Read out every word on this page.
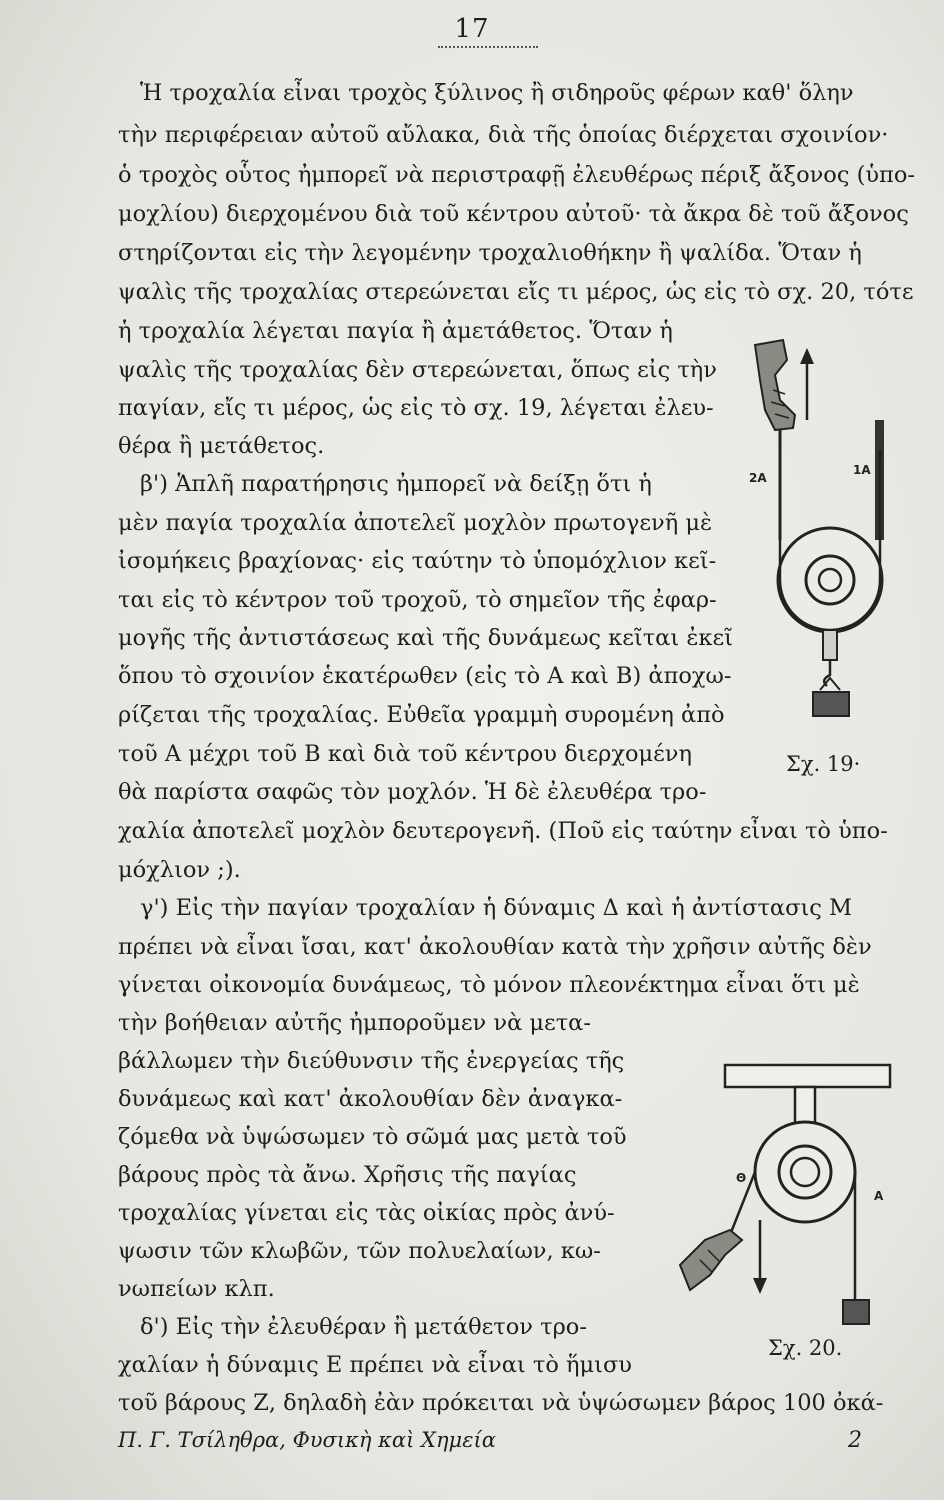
17
Ἡ τροχαλία εἶναι τροχὸς ξύλινος ἢ σιδηροῦς φέρων καθ' ὅλην
τὴν περιφέρειαν αὐτοῦ αὔλακα, διὰ τῆς ὁποίας διέρχεται σχοινίον·
ὁ τροχὸς οὗτος ἠμπορεῖ νὰ περιστραφῇ ἐλευθέρως πέριξ ἄξονος (ὑπο-
μοχλίου) διερχομένου διὰ τοῦ κέντρου αὐτοῦ· τὰ ἄκρα δὲ τοῦ ἄξονος
στηρίζονται εἰς τὴν λεγομένην τροχαλιοθήκην ἢ ψαλίδα. Ὅταν ἡ
ψαλὶς τῆς τροχαλίας στερεώνεται εἴς τι μέρος, ὡς εἰς τὸ σχ. 20, τότε
ἡ τροχαλία λέγεται παγία ἢ ἀμετάθετος. Ὅταν ἡ
ψαλὶς τῆς τροχαλίας δὲν στερεώνεται, ὅπως εἰς τὴν
παγίαν, εἴς τι μέρος, ὡς εἰς τὸ σχ. 19, λέγεται ἐλευ-
θέρα ἢ μετάθετος.
β') Ἁπλῆ παρατήρησις ἠμπορεῖ νὰ δείξῃ ὅτι ἡ
μὲν παγία τροχαλία ἀποτελεῖ μοχλὸν πρωτογενῆ μὲ
ἰσομήκεις βραχίονας· εἰς ταύτην τὸ ὑπομόχλιον κεῖ-
ται εἰς τὸ κέντρον τοῦ τροχοῦ, τὸ σημεῖον τῆς ἐφαρ-
μογῆς τῆς ἀντιστάσεως καὶ τῆς δυνάμεως κεῖται ἐκεῖ
ὅπου τὸ σχοινίον ἑκατέρωθεν (εἰς τὸ Α καὶ Β) ἀποχω-
ρίζεται τῆς τροχαλίας. Εὐθεῖα γραμμὴ συρομένη ἀπὸ
τοῦ Α μέχρι τοῦ Β καὶ διὰ τοῦ κέντρου διερχομένη
θὰ παρίστα σαφῶς τὸν μοχλόν. Ἡ δὲ ἐλευθέρα τρο-
χαλία ἀποτελεῖ μοχλὸν δευτερογενῆ. (Ποῦ εἰς ταύτην εἶναι τὸ ὑπο-
μόχλιον ;).
γ') Εἰς τὴν παγίαν τροχαλίαν ἡ δύναμις Δ καὶ ἡ ἀντίστασις Μ
πρέπει νὰ εἶναι ἴσαι, κατ' ἀκολουθίαν κατὰ τὴν χρῆσιν αὐτῆς δὲν
γίνεται οἰκονομία δυνάμεως, τὸ μόνον πλεονέκτημα εἶναι ὅτι μὲ
τὴν βοήθειαν αὐτῆς ἠμποροῦμεν νὰ μετα-
βάλλωμεν τὴν διεύθυνσιν τῆς ἐνεργείας τῆς
δυνάμεως καὶ κατ' ἀκολουθίαν δὲν ἀναγκα-
ζόμεθα νὰ ὑψώσωμεν τὸ σῶμά μας μετὰ τοῦ
βάρους πρὸς τὰ ἄνω. Χρῆσις τῆς παγίας
τροχαλίας γίνεται εἰς τὰς οἰκίας πρὸς ἀνύ-
ψωσιν τῶν κλωβῶν, τῶν πολυελαίων, κω-
νωπείων κλπ.
δ') Εἰς τὴν ἐλευθέραν ἢ μετάθετον τρο-
χαλίαν ἡ δύναμις Ε πρέπει νὰ εἶναι τὸ ἥμισυ
τοῦ βάρους Ζ, δηλαδὴ ἐὰν πρόκειται νὰ ὑψώσωμεν βάρος 100 ὀκά-
2A
1A
Σχ. 19·
Θ
A
Σχ. 20.
Π. Γ. Τσίληθρα, Φυσικὴ καὶ Χημεία	2
